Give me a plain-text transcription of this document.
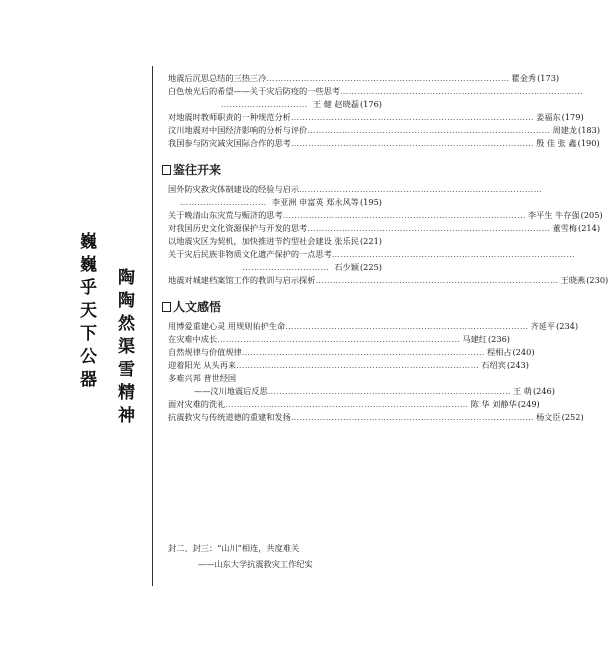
巍巍乎天下公器 陶陶然渠雪精神
地震后沉思总结的三热三冷 ………………………………………………………………………… 瞿金秀 (173)
白色烛光后的希望——关于灾后防疫的一些思考…………………………………………………………………………
………………………… 王 健 赵晓磊(176)
对地震时教师职责的一种规范分析 ………………………………………………………………………… 姜福东 (179)
汶川地震对中国经济影响的分析与评价 ………………………………………………………………………… 周建龙 (183)
我国参与防灾减灾国际合作的思考 ………………………………………………………………………… 殷 佳 张 鑫 (190)
鉴往开来
国外防灾救灾体制建设的经验与启示…………………………………………………………………………
………………………… 李亚洲 申富英 郑永风等(195)
关于晚清山东灾荒与赈济的思考 ………………………………………………………………………… 李平生 牛存强 (205)
对我国历史文化资源保护与开发的思考 ………………………………………………………………………… 董雪梅 (214)
以地震灾区为契机，加快推进节约型社会建设 张乐民 (221)
关于灾后民族非物质文化遗产保护的一点思考…………………………………………………………………………
………………………… 石少颖(225)
地震对城建档案馆工作的教训与启示探析 ………………………………………………………………………… 王晓燕 (230)
人文感悟
用博爱重建心灵 用规则佑护生命 ………………………………………………………………………… 齐延平 (234)
在灾难中成长 ………………………………………………………………………… 马建红 (236)
自然规律与价值规律 ………………………………………………………………………… 程相占 (240)
迎着阳光 从头再来 ………………………………………………………………………… 石绍宾 (243)
多难兴邦 普世经国
——汶川地震后反思 ………………………………………………………………………… 王 萌 (246)
面对灾难的洗礼 ………………………………………………………………………… 陈 华 刘静华 (249)
抗震救灾与传统道德的重建和发扬 ………………………………………………………………………… 杨文臣 (252)
封二、封三：“山川”相连，共度难关
——山东大学抗震救灾工作纪实
